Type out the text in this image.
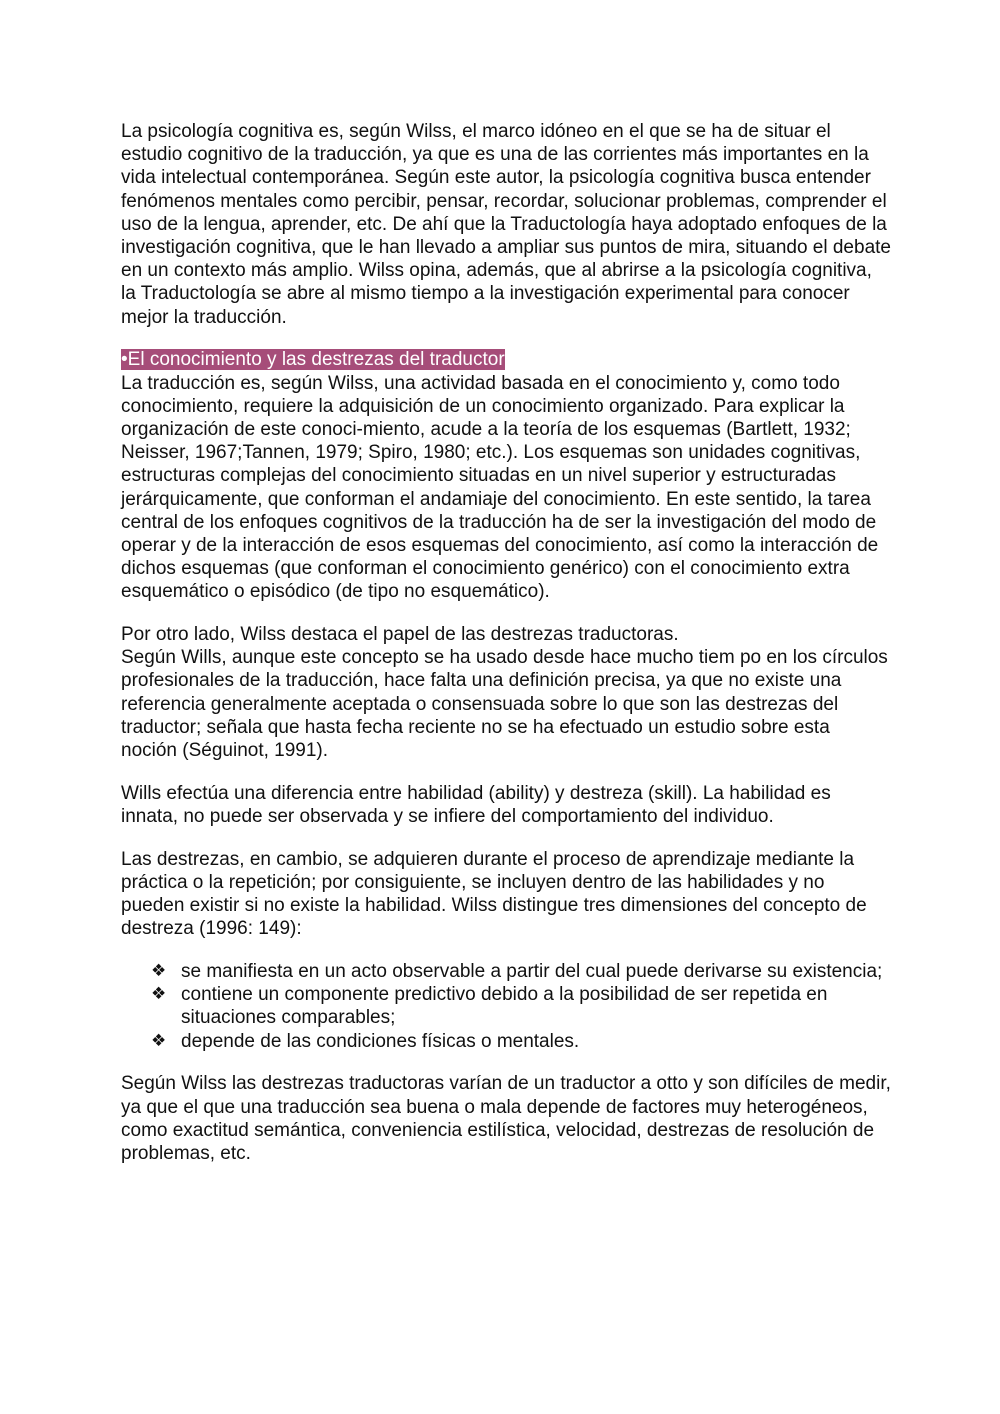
La psicología cognitiva es, según Wilss, el marco idóneo en el que se ha de situar el estudio cognitivo de la traducción, ya que es una de las corrientes más importantes en la vida intelectual contemporánea. Según este autor, la psicología cognitiva busca entender fenómenos mentales como percibir, pensar, recordar, solucionar problemas, comprender el uso de la lengua, aprender, etc. De ahí que la Traductología haya adoptado enfoques de la investigación cognitiva, que le han llevado a ampliar sus puntos de mira, situando el debate en un contexto más amplio. Wilss opina, además, que al abrirse a la psicología cognitiva, la Traductología se abre al mismo tiempo a la investigación experimental para conocer mejor la traducción.

•El conocimiento y las destrezas del traductor

La traducción es, según Wilss, una actividad basada en el conocimiento y, como todo conocimiento, requiere la adquisición de un conocimiento organizado. Para explicar la organización de este conoci-miento, acude a la teoría de los esquemas (Bartlett, 1932; Neisser, 1967;Tannen, 1979; Spiro, 1980; etc.). Los esquemas son unidades cognitivas, estructuras complejas del conocimiento situadas en un nivel superior y estructuradas jerárquicamente, que conforman el andamiaje del conocimiento. En este sentido, la tarea central de los enfoques cognitivos de la traducción ha de ser la investigación del modo de operar y de la interacción de esos esquemas del conocimiento, así como la interacción de dichos esquemas (que conforman el conocimiento genérico) con el conocimiento extra esquemático o episódico (de tipo no esquemático).

Por otro lado, Wilss destaca el papel de las destrezas traductoras.

Según Wills, aunque este concepto se ha usado desde hace mucho tiem po en los círculos profesionales de la traducción, hace falta una definición precisa, ya que no existe una referencia generalmente aceptada o consensuada sobre lo que son las destrezas del traductor; señala que hasta fecha reciente no se ha efectuado un estudio sobre esta noción (Séguinot, 1991).

Wills efectúa una diferencia entre habilidad (ability) y destreza (skill). La habilidad es innata, no puede ser observada y se infiere del comportamiento del individuo.

Las destrezas, en cambio, se adquieren durante el proceso de aprendizaje mediante la práctica o la repetición; por consiguiente, se incluyen dentro de las habilidades y no pueden existir si no existe la habilidad. Wilss distingue tres dimensiones del concepto de destreza (1996: 149):

❖ se manifiesta en un acto observable a partir del cual puede derivarse su existencia;
❖ contiene un componente predictivo debido a la posibilidad de ser repetida en situaciones comparables;
❖ depende de las condiciones físicas o mentales.

Según Wilss las destrezas traductoras varían de un traductor a otto y son difíciles de medir, ya que el que una traducción sea buena o mala depende de factores muy heterogéneos, como exactitud semántica, conveniencia estilística, velocidad, destrezas de resolución de problemas, etc.
